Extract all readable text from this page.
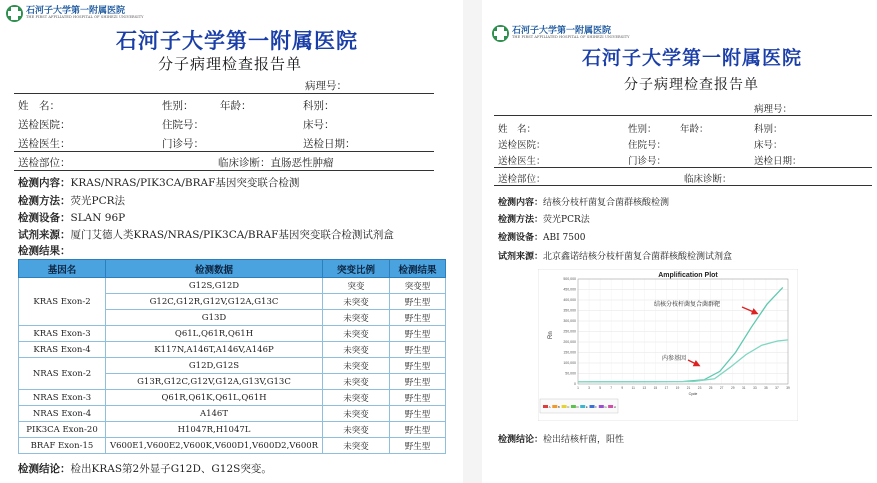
石河子大学第一附属医院
THE FIRST AFFILIATED HOSPITAL OF SHIHEZI UNIVERSITY
石河子大学第一附属医院
分子病理检查报告单
病理号：
姓　名：	性别：	年龄：	科别：
送检医院：	住院号：	床号：
送检医生：	门诊号：	送检日期：
送检部位：	临床诊断：直肠恶性肿瘤
检测内容：KRAS/NRAS/PIK3CA/BRAF基因突变联合检测
检测方法：荧光PCR法
检测设备：SLAN 96P
试剂来源：厦门艾德人类KRAS/NRAS/PIK3CA/BRAF基因突变联合检测试剂盒
检测结果：
基因名	检测数据	突变比例	检测结果
KRAS Exon-2	G12S,G12D	突变	突变型
	G12C,G12R,G12V,G12A,G13C	未突变	野生型
	G13D	未突变	野生型
KRAS Exon-3	Q61L,Q61R,Q61H	未突变	野生型
KRAS Exon-4	K117N,A146T,A146V,A146P	未突变	野生型
NRAS Exon-2	G12D,G12S	未突变	野生型
	G13R,G12C,G12V,G12A,G13V,G13C	未突变	野生型
NRAS Exon-3	Q61R,Q61K,Q61L,Q61H	未突变	野生型
NRAS Exon-4	A146T	未突变	野生型
PIK3CA Exon-20	H1047R,H1047L	未突变	野生型
BRAF Exon-15	V600E1,V600E2,V600K,V600D1,V600D2,V600R	未突变	野生型
检测结论：检出KRAS第2外显子G12D、G12S突变。
石河子大学第一附属医院
THE FIRST AFFILIATED HOSPITAL OF SHIHEZI UNIVERSITY
石河子大学第一附属医院
分子病理检查报告单
病理号：
姓　名：	性别： 年龄：	科别：
送检医院：	住院号：	床号：
送检医生：	门诊号：	送检日期：
送检部位：	临床诊断：
检测内容：结核分枝杆菌复合菌群核酸检测
检测方法：荧光PCR法
检测设备：ABI 7500
试剂来源：北京鑫诺结核分枝杆菌复合菌群核酸检测试剂盒
Amplification Plot
Rn
500,000
450,000
400,000
350,000
300,000
250,000
200,000
150,000
100,000
50,000
0
1	3	5	7	9	11 13 15 17 19 21 23 25 27 29 31 33 35 37 39
Cycle
A B C D E F G H
结核分枝杆菌复合菌群靶
内参基因
检测结论：检出结核杆菌，阳性
